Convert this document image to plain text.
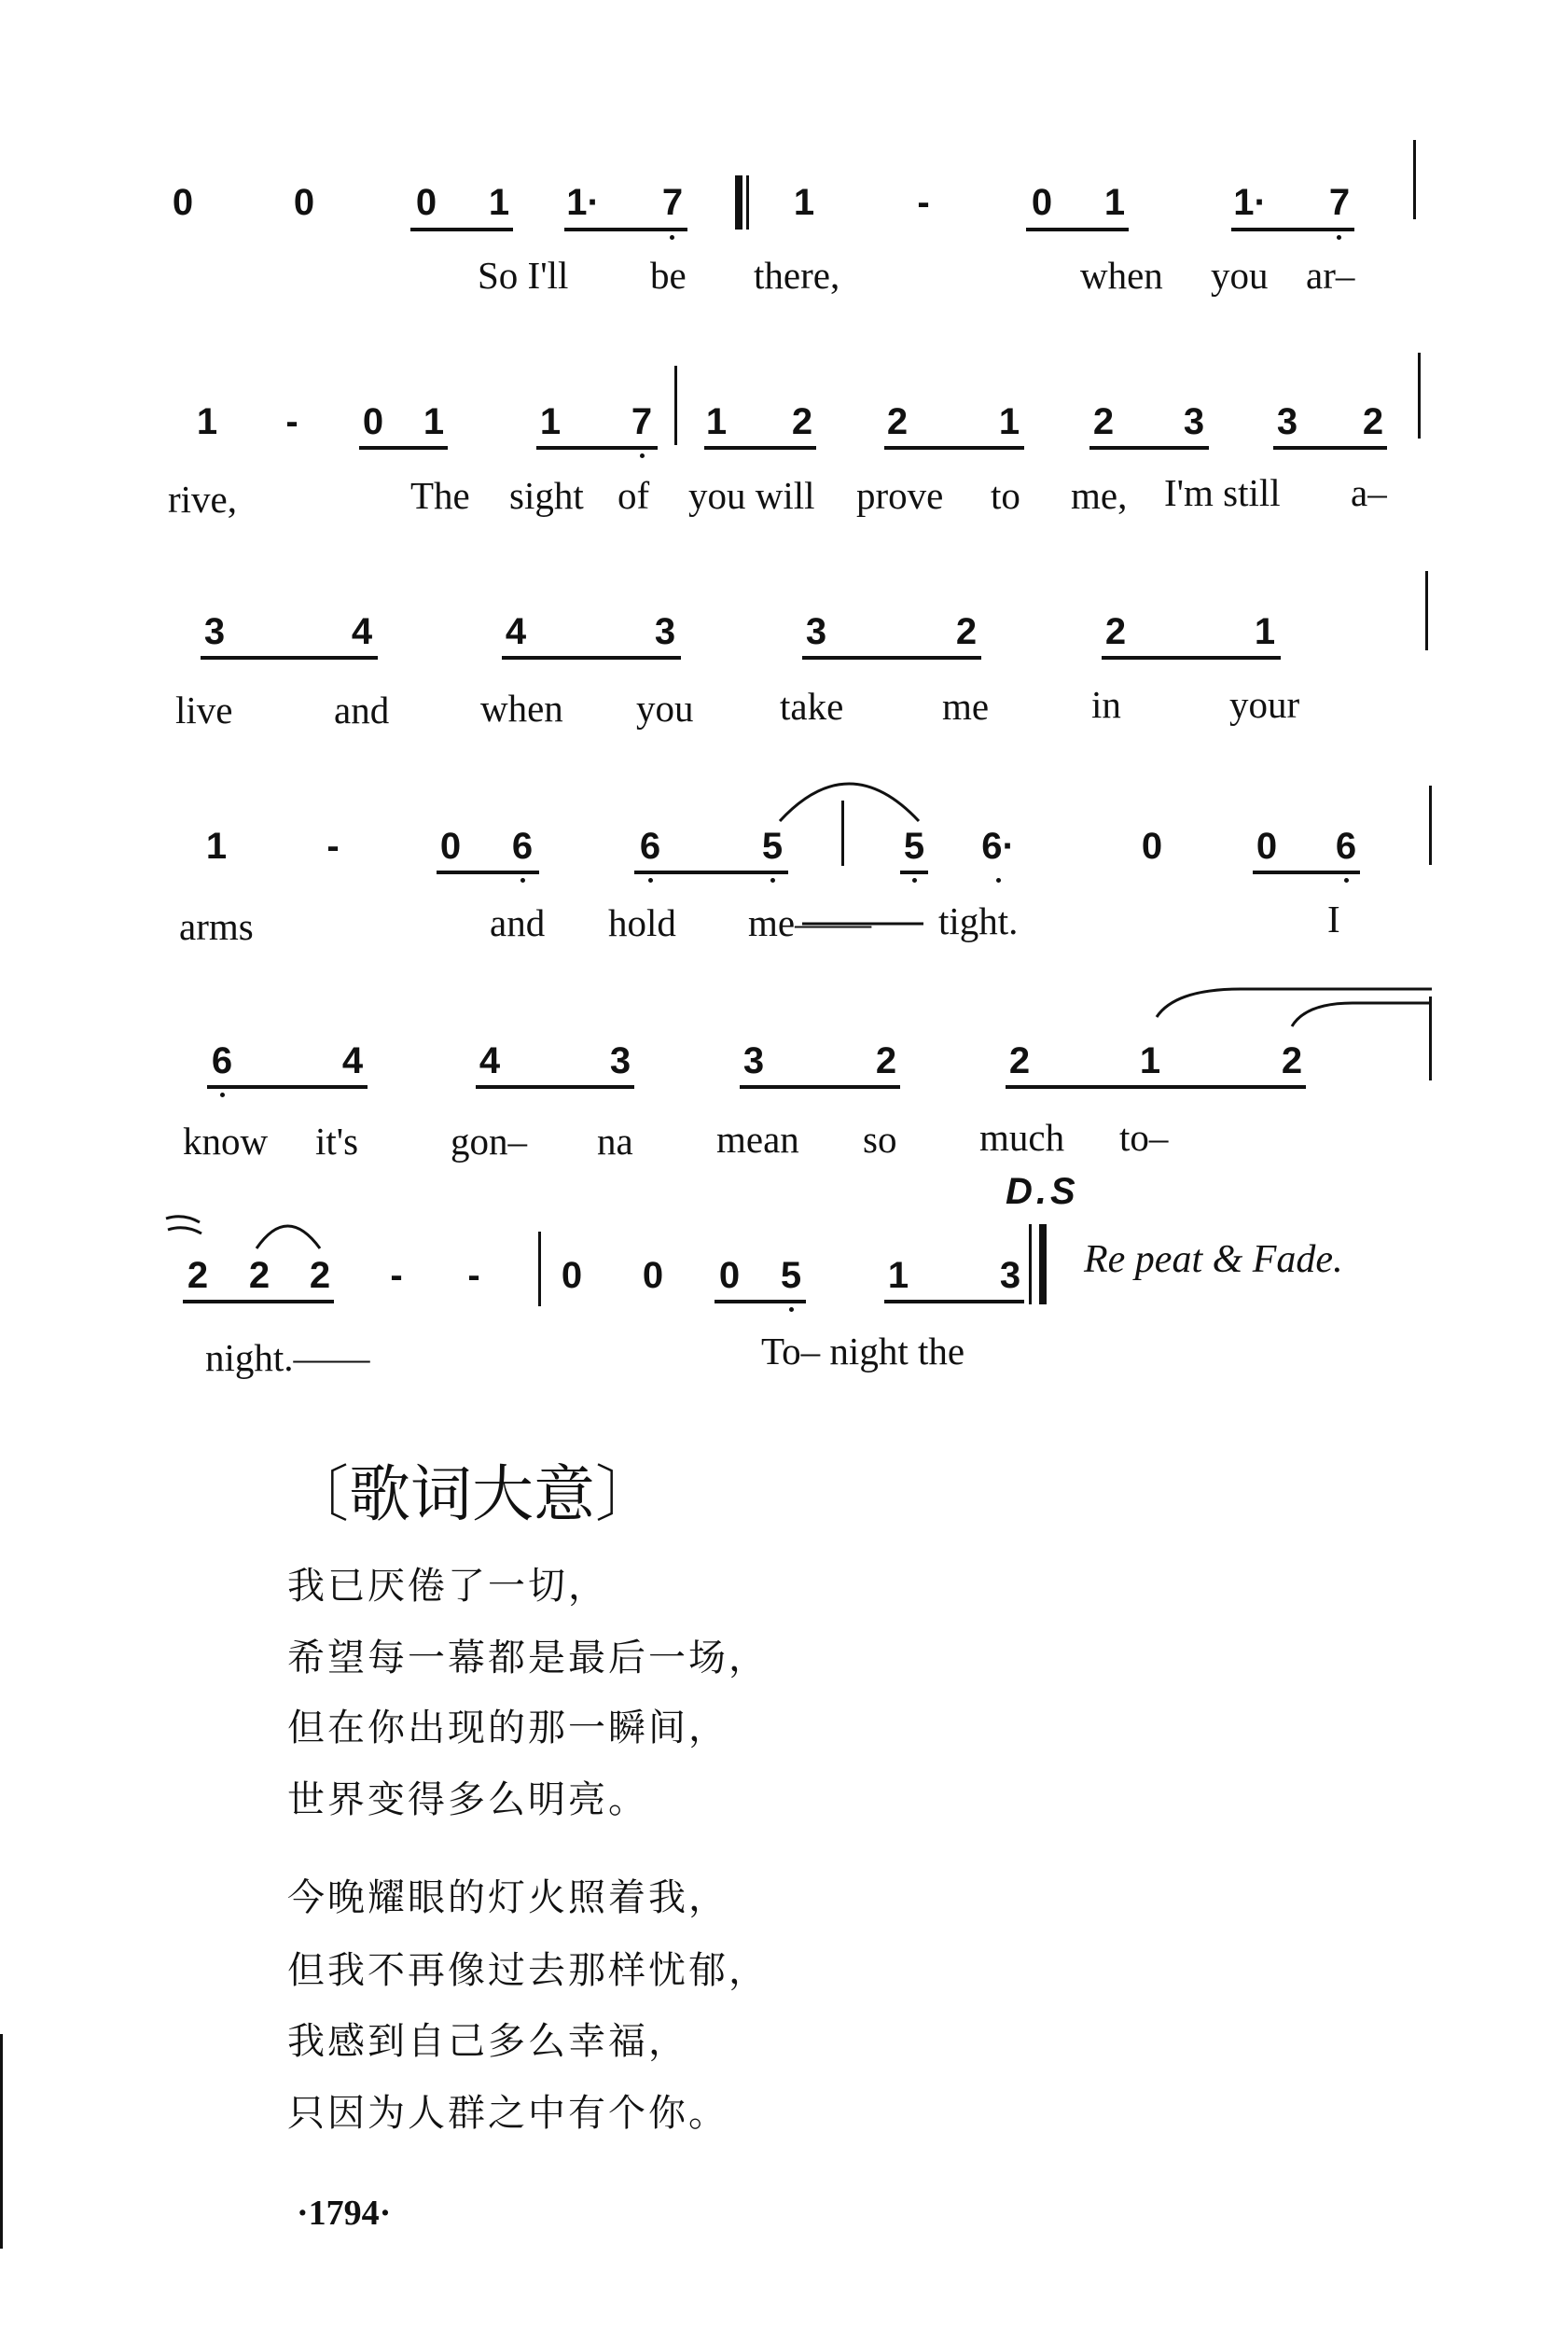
0	0	0 1 1· 7	1	-	0 1	1· 7
So I'll be there,	when you ar–
1 - 0 1	1 7 1 2 2 1 2 3 3 2
rive,	The sight of you will prove to me, I'm still a–
3	4	4	3	3	2	2	1
live	and when you take	me	in	your
1	-	0 6	6	5	5 6·	0	0 6
arms	and hold me—— tight.	I
6	4	4	3	3	2	2	1	2
know it's gon– na mean so much to–
2 2 2 - - 0 0 0 5 1 3
D.S
Re peat & Fade.
night.——	To– night the
〔歌词大意〕
我已厌倦了一切，
希望每一幕都是最后一场，
但在你出现的那一瞬间，
世界变得多么明亮。
今晚耀眼的灯火照着我，
但我不再像过去那样忧郁，
我感到自己多么幸福，
只因为人群之中有个你。
·1794·
